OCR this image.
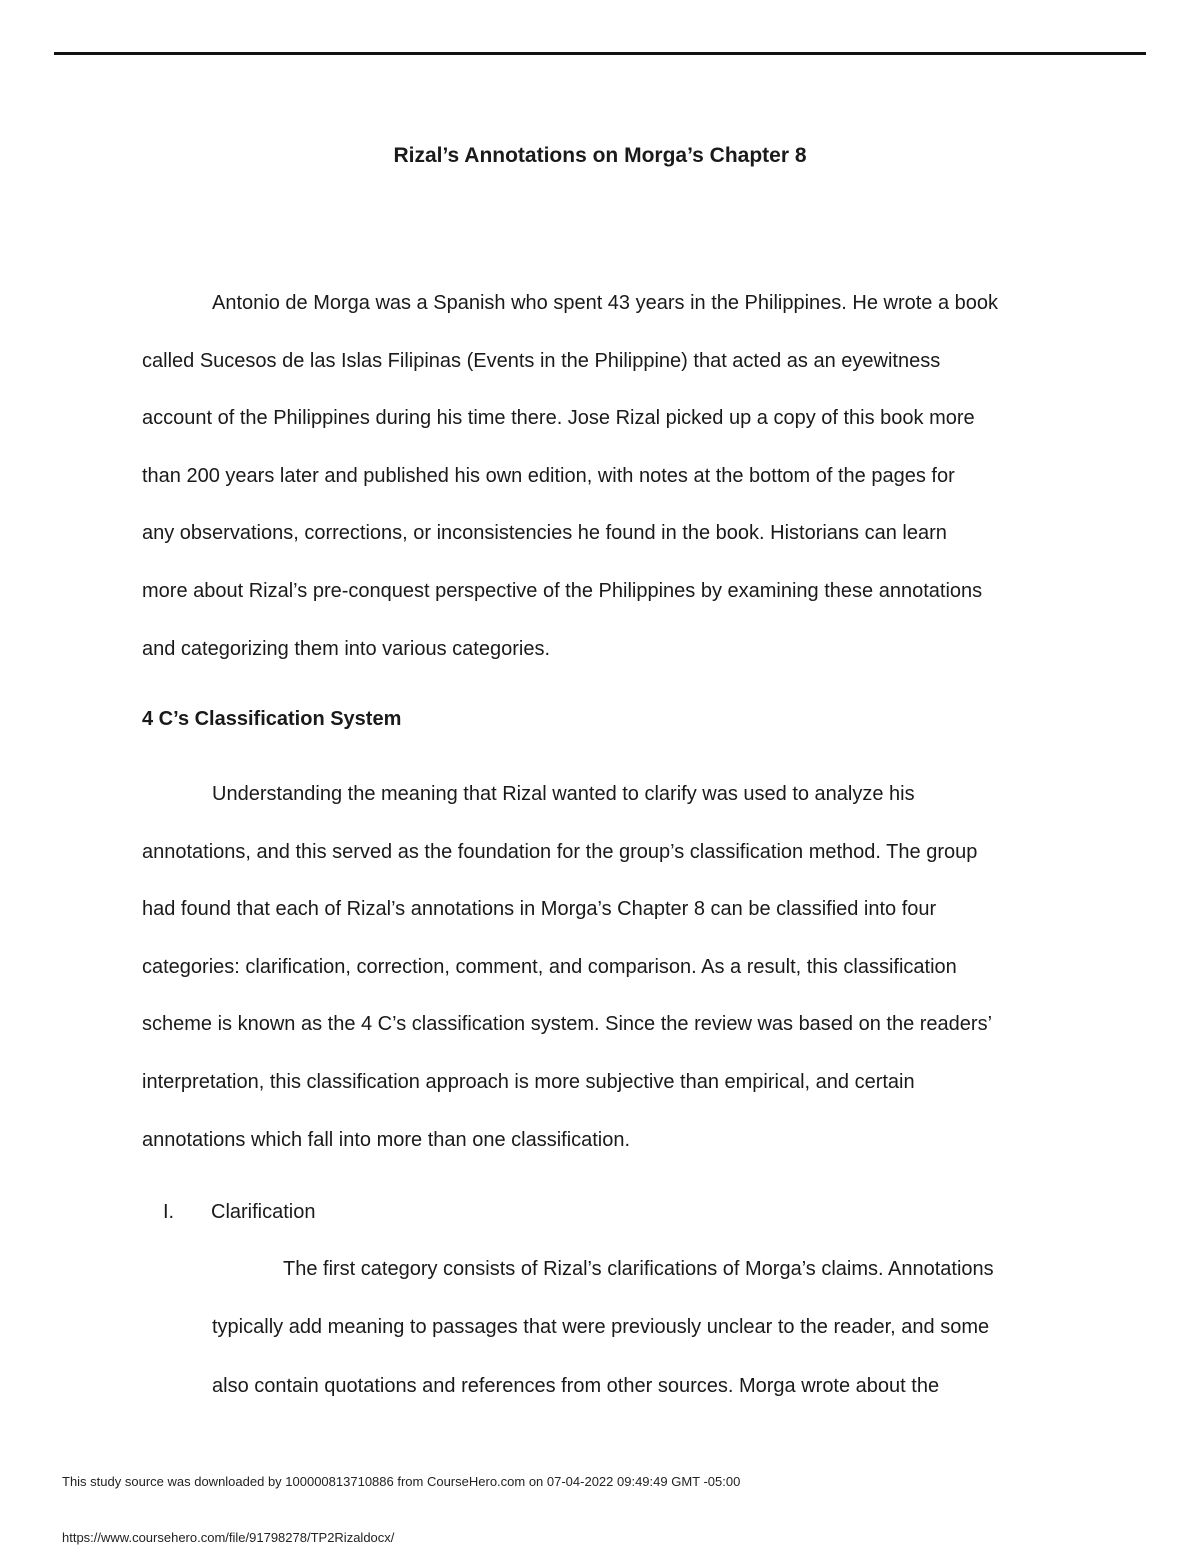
Rizal’s Annotations on Morga’s Chapter 8

Antonio de Morga was a Spanish who spent 43 years in the Philippines. He wrote a book
called Sucesos de las Islas Filipinas (Events in the Philippine) that acted as an eyewitness
account of the Philippines during his time there. Jose Rizal picked up a copy of this book more
than 200 years later and published his own edition, with notes at the bottom of the pages for
any observations, corrections, or inconsistencies he found in the book. Historians can learn
more about Rizal’s pre-conquest perspective of the Philippines by examining these annotations
and categorizing them into various categories.

4 C’s Classification System

Understanding the meaning that Rizal wanted to clarify was used to analyze his
annotations, and this served as the foundation for the group’s classification method. The group
had found that each of Rizal’s annotations in Morga’s Chapter 8 can be classified into four
categories: clarification, correction, comment, and comparison. As a result, this classification
scheme is known as the 4 C’s classification system. Since the review was based on the readers’
interpretation, this classification approach is more subjective than empirical, and certain
annotations which fall into more than one classification.

I. Clarification

The first category consists of Rizal’s clarifications of Morga’s claims. Annotations
typically add meaning to passages that were previously unclear to the reader, and some
also contain quotations and references from other sources. Morga wrote about the

This study source was downloaded by 100000813710886 from CourseHero.com on 07-04-2022 09:49:49 GMT -05:00
https://www.coursehero.com/file/91798278/TP2Rizaldocx/
